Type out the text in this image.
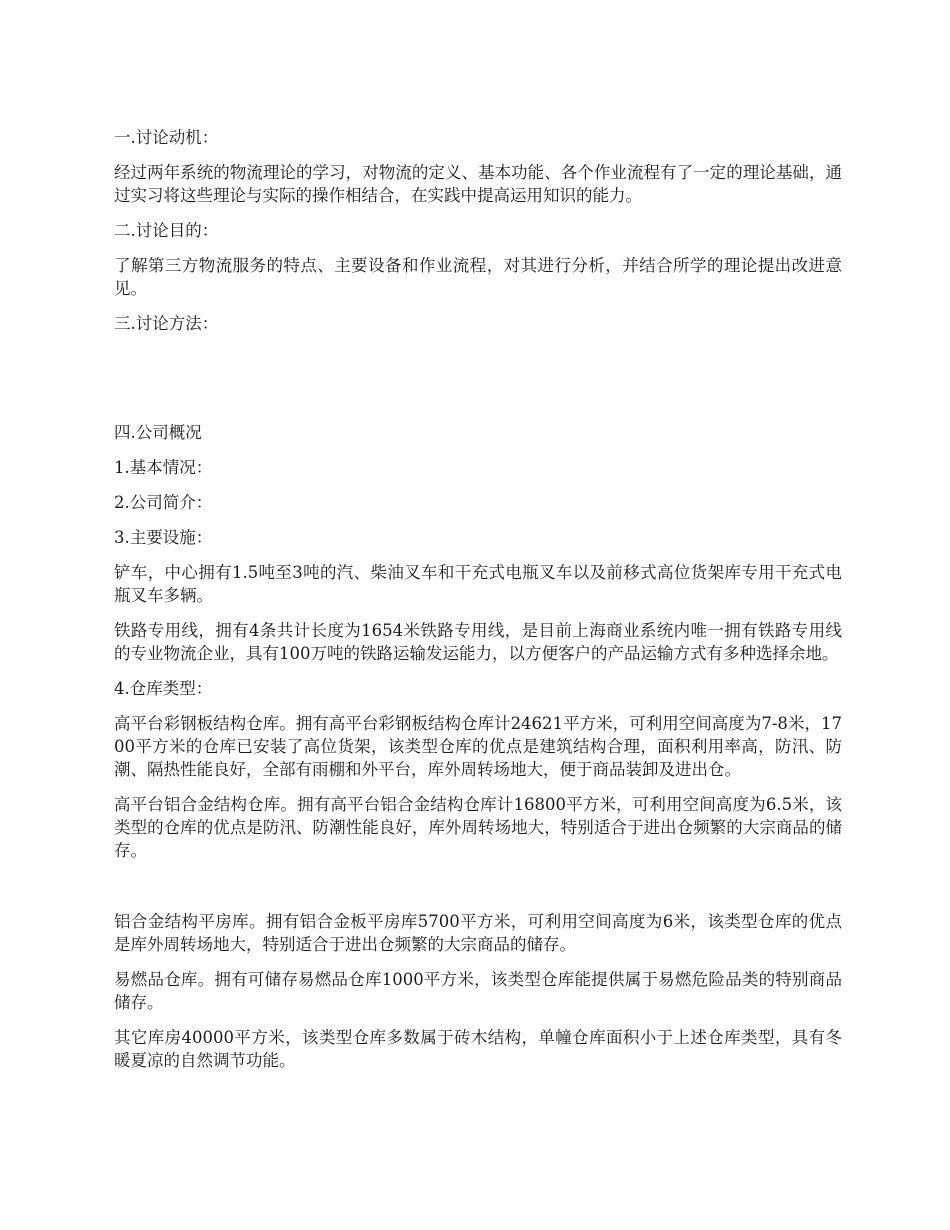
一.讨论动机：

经过两年系统的物流理论的学习，对物流的定义、基本功能、各个作业流程有了一定的理论基础，通过实习将这些理论与实际的操作相结合，在实践中提高运用知识的能力。

二.讨论目的：

了解第三方物流服务的特点、主要设备和作业流程，对其进行分析，并结合所学的理论提出改进意见。

三.讨论方法：

四.公司概况

1.基本情况：

2.公司简介：

3.主要设施：

铲车，中心拥有1.5吨至3吨的汽、柴油叉车和干充式电瓶叉车以及前移式高位货架库专用干充式电瓶叉车多辆。

铁路专用线，拥有4条共计长度为1654米铁路专用线，是目前上海商业系统内唯一拥有铁路专用线的专业物流企业，具有100万吨的铁路运输发运能力，以方便客户的产品运输方式有多种选择余地。

4.仓库类型：

高平台彩钢板结构仓库。拥有高平台彩钢板结构仓库计24621平方米，可利用空间高度为7-8米，1700平方米的仓库已安装了高位货架，该类型仓库的优点是建筑结构合理，面积利用率高，防汛、防潮、隔热性能良好，全部有雨棚和外平台，库外周转场地大，便于商品装卸及进出仓。

高平台铝合金结构仓库。拥有高平台铝合金结构仓库计16800平方米，可利用空间高度为6.5米，该类型的仓库的优点是防汛、防潮性能良好，库外周转场地大，特别适合于进出仓频繁的大宗商品的储存。

铝合金结构平房库。拥有铝合金板平房库5700平方米，可利用空间高度为6米，该类型仓库的优点是库外周转场地大，特别适合于进出仓频繁的大宗商品的储存。

易燃品仓库。拥有可储存易燃品仓库1000平方米，该类型仓库能提供属于易燃危险品类的特别商品储存。

其它库房40000平方米，该类型仓库多数属于砖木结构，单幢仓库面积小于上述仓库类型，具有冬暖夏凉的自然调节功能。
